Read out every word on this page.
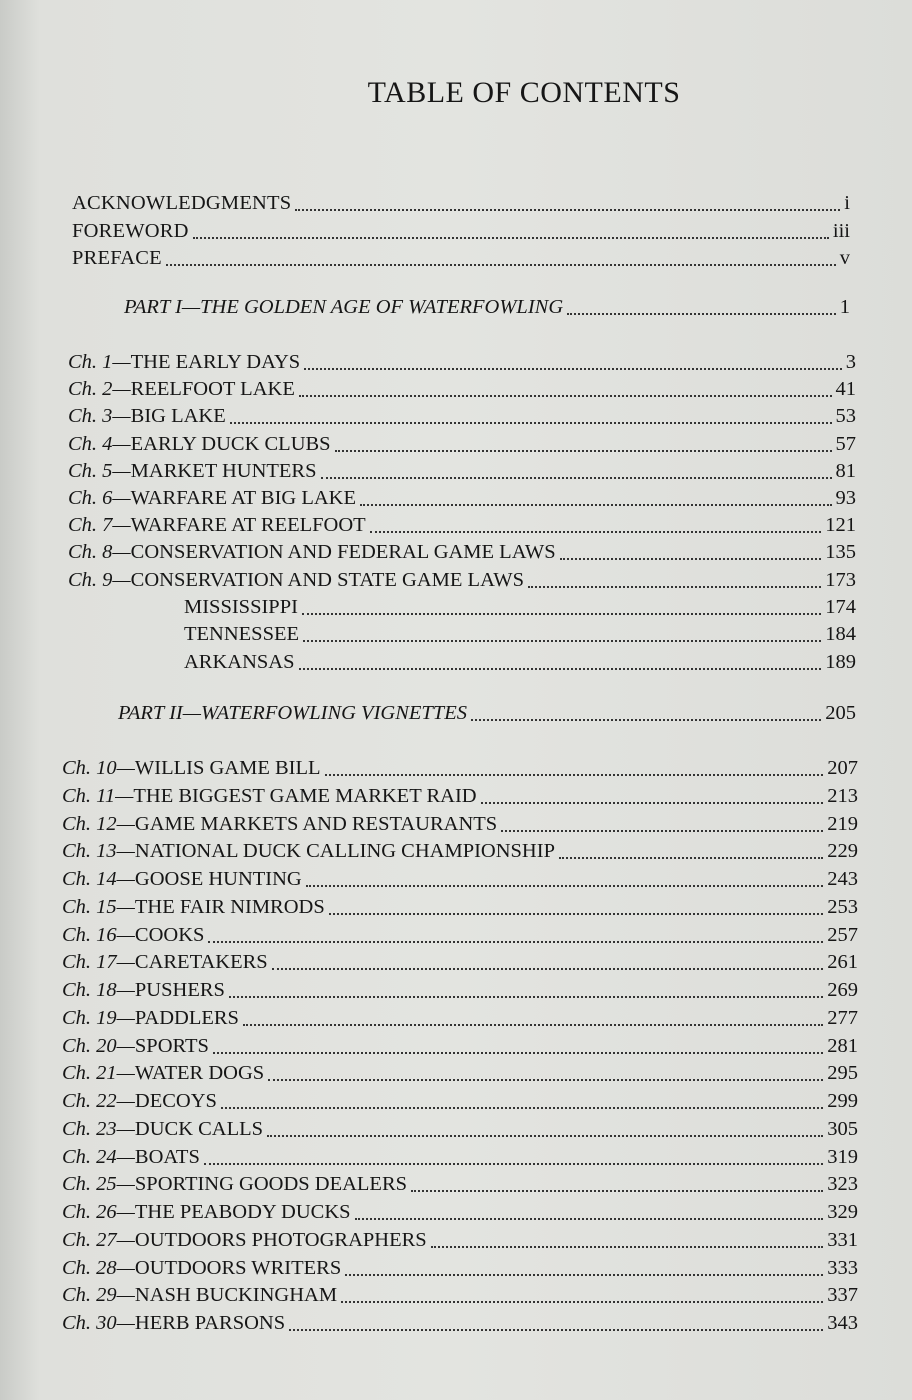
TABLE OF CONTENTS
ACKNOWLEDGMENTS	i
FOREWORD	iii
PREFACE	v
PART I—THE GOLDEN AGE OF WATERFOWLING	1
Ch. 1— THE EARLY DAYS	3
Ch. 2— REELFOOT LAKE	41
Ch. 3— BIG LAKE	53
Ch. 4— EARLY DUCK CLUBS	57
Ch. 5— MARKET HUNTERS	81
Ch. 6— WARFARE AT BIG LAKE	93
Ch. 7— WARFARE AT REELFOOT	121
Ch. 8— CONSERVATION AND FEDERAL GAME LAWS	135
Ch. 9— CONSERVATION AND STATE GAME LAWS	173
MISSISSIPPI	174
TENNESSEE	184
ARKANSAS	189
PART II—WATERFOWLING VIGNETTES	205
Ch. 10— WILLIS GAME BILL	207
Ch. 11— THE BIGGEST GAME MARKET RAID	213
Ch. 12— GAME MARKETS AND RESTAURANTS	219
Ch. 13— NATIONAL DUCK CALLING CHAMPIONSHIP	229
Ch. 14— GOOSE HUNTING	243
Ch. 15— THE FAIR NIMRODS	253
Ch. 16— COOKS	257
Ch. 17— CARETAKERS	261
Ch. 18— PUSHERS	269
Ch. 19— PADDLERS	277
Ch. 20— SPORTS	281
Ch. 21— WATER DOGS	295
Ch. 22— DECOYS	299
Ch. 23— DUCK CALLS	305
Ch. 24— BOATS	319
Ch. 25— SPORTING GOODS DEALERS	323
Ch. 26— THE PEABODY DUCKS	329
Ch. 27— OUTDOORS PHOTOGRAPHERS	331
Ch. 28— OUTDOORS WRITERS	333
Ch. 29— NASH BUCKINGHAM	337
Ch. 30— HERB PARSONS	343
